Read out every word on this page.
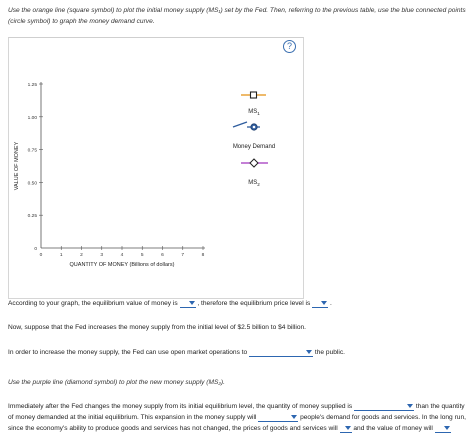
Use the orange line (square symbol) to plot the initial money supply (MS₁) set by the Fed. Then, referring to the previous table, use the blue connected points (circle symbol) to graph the money demand curve.
?
0
0.25
0.50
0.75
1.00
1.25
0	1	2	3	4	5	6	7	8
QUANTITY OF MONEY (Billions of dollars)
VALUE OF MONEY
$MS_1$
Money Demand
$MS_2$
According to your graph, the equilibrium value of money is	, therefore the equilibrium price level is	.
Now, suppose that the Fed increases the money supply from the initial level of $2.5 billion to $4 billion.
In order to increase the money supply, the Fed can use open market operations to	the public.
Use the purple line (diamond symbol) to plot the new money supply (MS₂).
Immediately after the Fed changes the money supply from its initial equilibrium level, the quantity of money supplied is	than the quantity of money demanded at the initial equilibrium. This expansion in the money supply will	people's demand for goods and services. In the long run, since the economy's ability to produce goods and services has not changed, the prices of goods and services will and the value of money will
